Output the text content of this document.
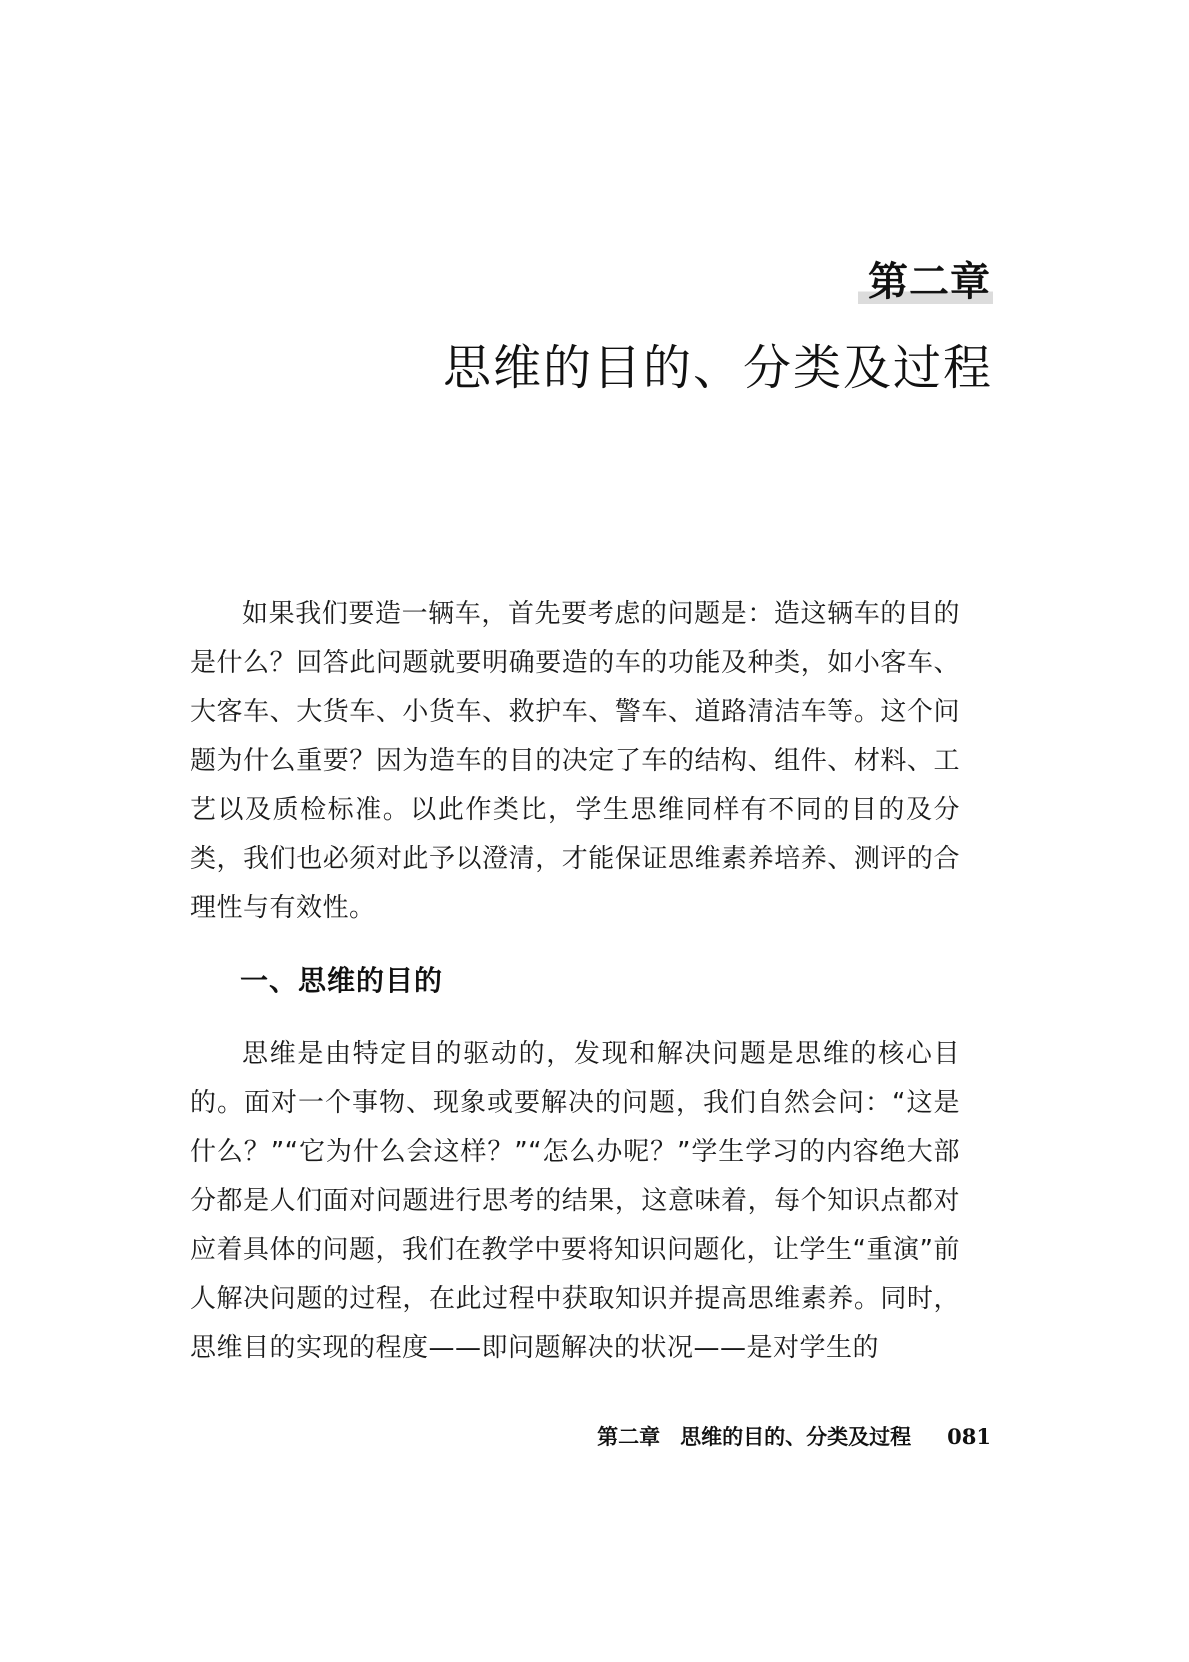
第二章
思维的目的、分类及过程

如果我们要造一辆车，首先要考虑的问题是：造这辆车的目的是什么？回答此问题就要明确要造的车的功能及种类，如小客车、大客车、大货车、小货车、救护车、警车、道路清洁车等。这个问题为什么重要？因为造车的目的决定了车的结构、组件、材料、工艺以及质检标准。以此作类比，学生思维同样有不同的目的及分类，我们也必须对此予以澄清，才能保证思维素养培养、测评的合理性与有效性。

一、思维的目的

思维是由特定目的驱动的，发现和解决问题是思维的核心目的。面对一个事物、现象或要解决的问题，我们自然会问：“这是什么？”“它为什么会这样？”“怎么办呢？”学生学习的内容绝大部分都是人们面对问题进行思考的结果，这意味着，每个知识点都对应着具体的问题，我们在教学中要将知识问题化，让学生“重演”前人解决问题的过程，在此过程中获取知识并提高思维素养。同时，思维目的实现的程度——即问题解决的状况——是对学生的

第二章 思维的目的、分类及过程 081
